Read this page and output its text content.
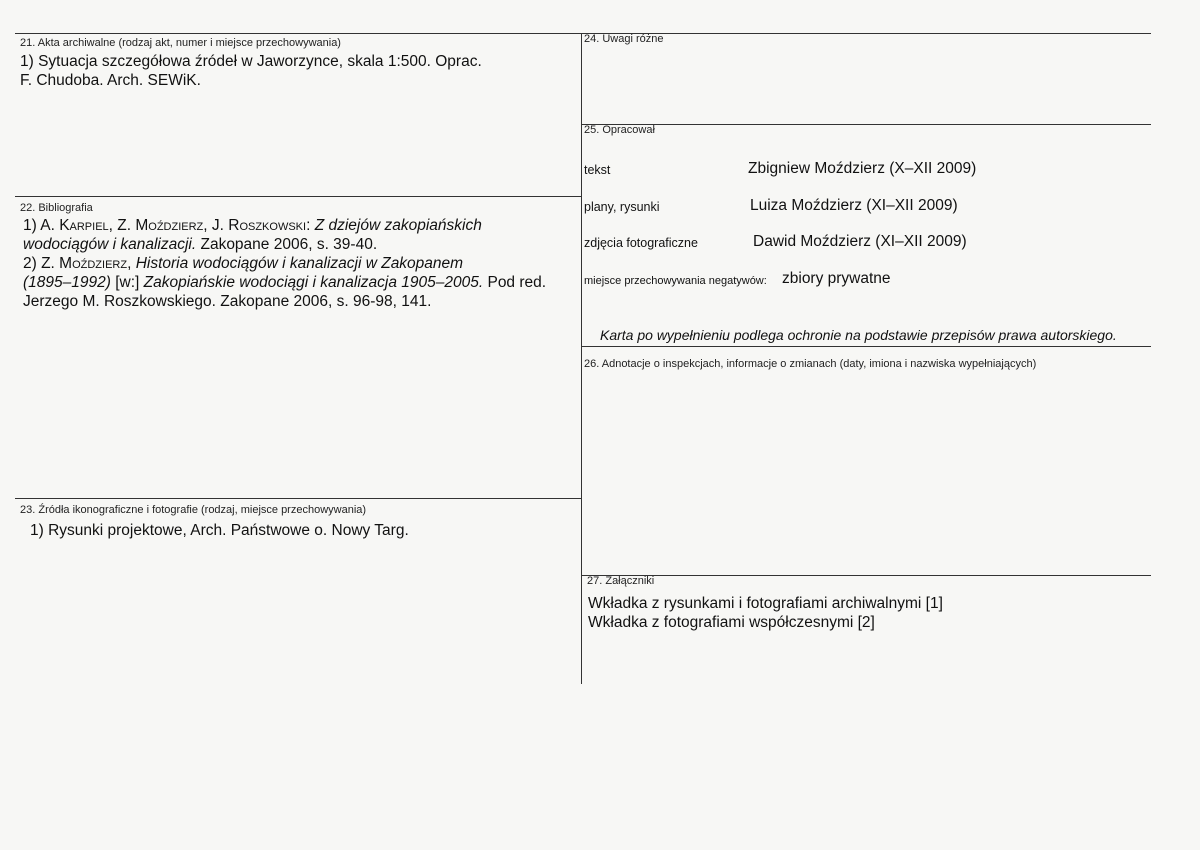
21. Akta archiwalne (rodzaj akt, numer i miejsce przechowywania)
1) Sytuacja szczegółowa źródeł w Jaworzynce, skala 1:500. Oprac.
F. Chudoba. Arch. SEWiK.
22. Bibliografia
1) A. Karpiel, Z. Moździerz, J. Roszkowski: Z dziejów zakopiańskich
wodociągów i kanalizacji. Zakopane 2006, s. 39-40.
2) Z. Moździerz, Historia wodociągów i kanalizacji w Zakopanem
(1895–1992) [w:] Zakopiańskie wodociągi i kanalizacja 1905–2005. Pod red.
Jerzego M. Roszkowskiego. Zakopane 2006, s. 96-98, 141.
23. Źródła ikonograficzne i fotografie (rodzaj, miejsce przechowywania)
1) Rysunki projektowe, Arch. Państwowe o. Nowy Targ.
24. Uwagi różne
25. Opracował
tekst	Zbigniew Moździerz (X–XII 2009)
plany, rysunki	Luiza Moździerz (XI–XII 2009)
zdjęcia fotograficzne	Dawid Moździerz (XI–XII 2009)
miejsce przechowywania negatywów: zbiory prywatne
Karta po wypełnieniu podlega ochronie na podstawie przepisów prawa autorskiego.
26. Adnotacje o inspekcjach, informacje o zmianach (daty, imiona i nazwiska wypełniających)
27. Załączniki
Wkładka z rysunkami i fotografiami archiwalnymi [1]
Wkładka z fotografiami współczesnymi [2]
